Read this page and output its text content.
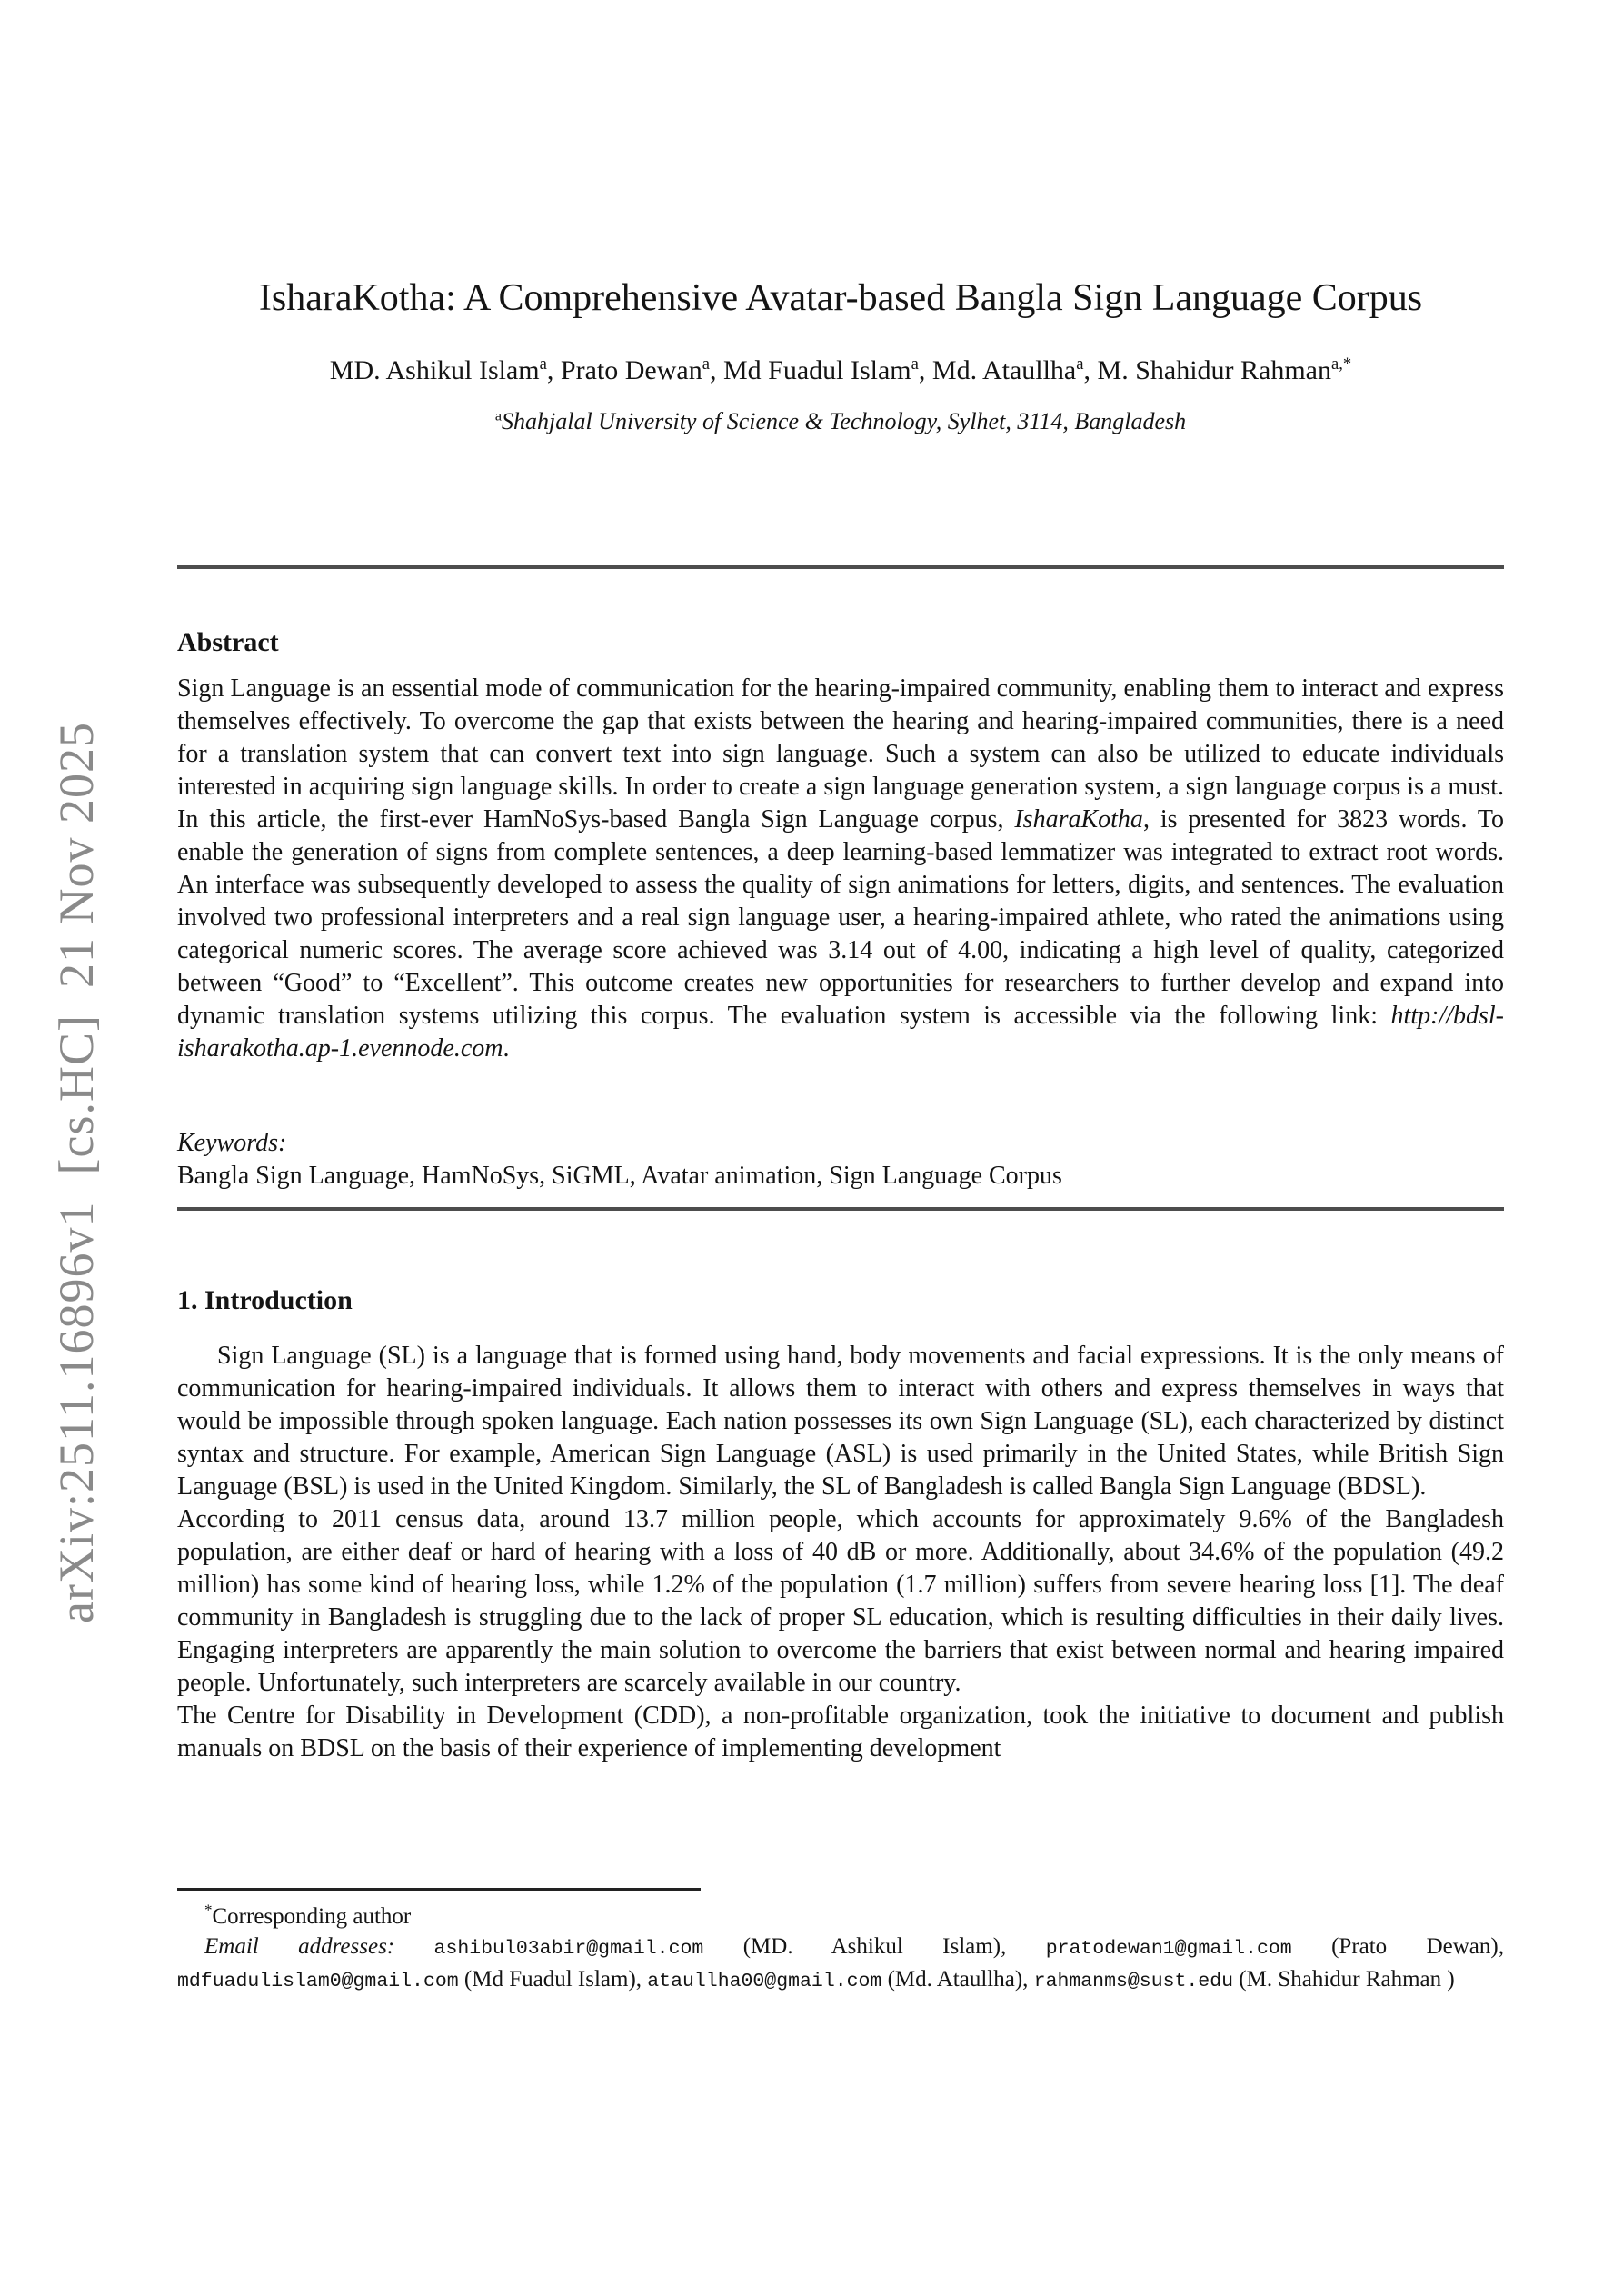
arXiv:2511.16896v1  [cs.HC]  21 Nov 2025
IsharaKotha: A Comprehensive Avatar-based Bangla Sign Language Corpus
MD. Ashikul Islam$^a$, Prato Dewan$^a$, Md Fuadul Islam$^a$, Md. Ataullha$^a$, M. Shahidur Rahman$^{a,*}$
$^a$Shahjalal University of Science & Technology, Sylhet, 3114, Bangladesh
Abstract

Sign Language is an essential mode of communication for the hearing-impaired community, enabling them to interact and express themselves effectively. To overcome the gap that exists between the hearing and hearing-impaired communities, there is a need for a translation system that can convert text into sign language. Such a system can also be utilized to educate individuals interested in acquiring sign language skills. In order to create a sign language generation system, a sign language corpus is a must. In this article, the first-ever HamNoSys-based Bangla Sign Language corpus, IsharaKotha, is presented for 3823 words. To enable the generation of signs from complete sentences, a deep learning-based lemmatizer was integrated to extract root words. An interface was subsequently developed to assess the quality of sign animations for letters, digits, and sentences. The evaluation involved two professional interpreters and a real sign language user, a hearing-impaired athlete, who rated the animations using categorical numeric scores. The average score achieved was 3.14 out of 4.00, indicating a high level of quality, categorized between “Good” to “Excellent”. This outcome creates new opportunities for researchers to further develop and expand into dynamic translation systems utilizing this corpus. The evaluation system is accessible via the following link: http://bdsl-isharakotha.ap-1.evennode.com.

Keywords:
Bangla Sign Language, HamNoSys, SiGML, Avatar animation, Sign Language Corpus
1. Introduction

Sign Language (SL) is a language that is formed using hand, body movements and facial expressions. It is the only means of communication for hearing-impaired individuals. It allows them to interact with others and express themselves in ways that would be impossible through spoken language. Each nation possesses its own Sign Language (SL), each characterized by distinct syntax and structure. For example, American Sign Language (ASL) is used primarily in the United States, while British Sign Language (BSL) is used in the United Kingdom. Similarly, the SL of Bangladesh is called Bangla Sign Language (BDSL).

According to 2011 census data, around 13.7 million people, which accounts for approximately 9.6% of the Bangladesh population, are either deaf or hard of hearing with a loss of 40 dB or more. Additionally, about 34.6% of the population (49.2 million) has some kind of hearing loss, while 1.2% of the population (1.7 million) suffers from severe hearing loss [1]. The deaf community in Bangladesh is struggling due to the lack of proper SL education, which is resulting difficulties in their daily lives. Engaging interpreters are apparently the main solution to overcome the barriers that exist between normal and hearing impaired people. Unfortunately, such interpreters are scarcely available in our country.

The Centre for Disability in Development (CDD), a non-profitable organization, took the initiative to document and publish manuals on BDSL on the basis of their experience of implementing development

*Corresponding author

Email addresses: ashibul03abir@gmail.com (MD. Ashikul Islam), pratodewan1@gmail.com (Prato Dewan), mdfuadulislam0@gmail.com (Md Fuadul Islam), ataullha00@gmail.com (Md. Ataullha), rahmanms@sust.edu (M. Shahidur Rahman )
